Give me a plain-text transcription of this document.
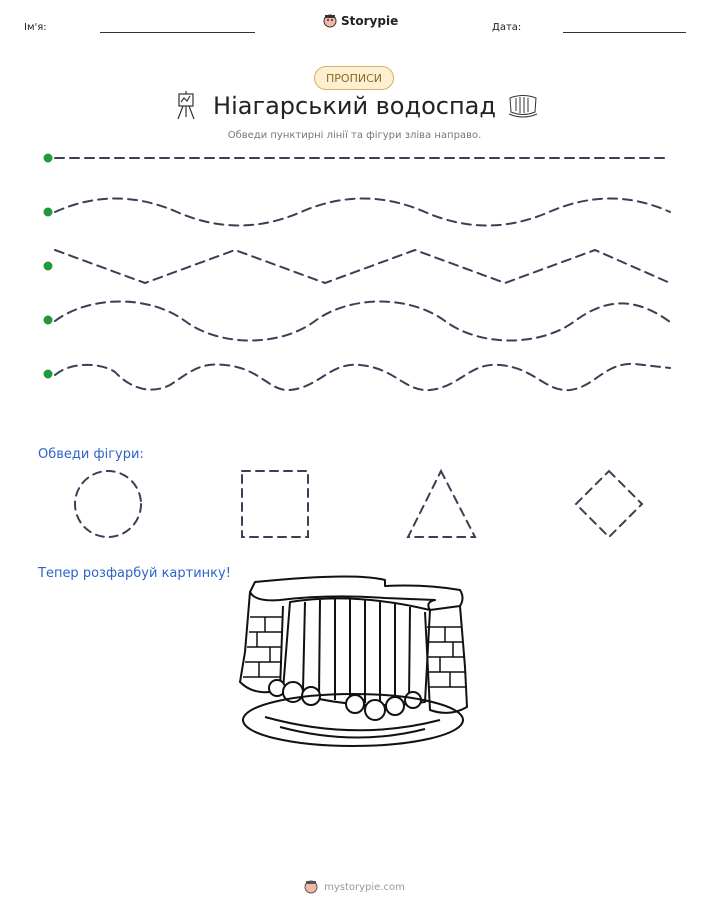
Ім'я:	Storypie	Дата:
ПРОПИСИ
Ніагарський водоспад
Обведи пунктирні лінії та фігури зліва направо.
Обведи фігури:
Тепер розфарбуй картинку!
mystorypie.com
